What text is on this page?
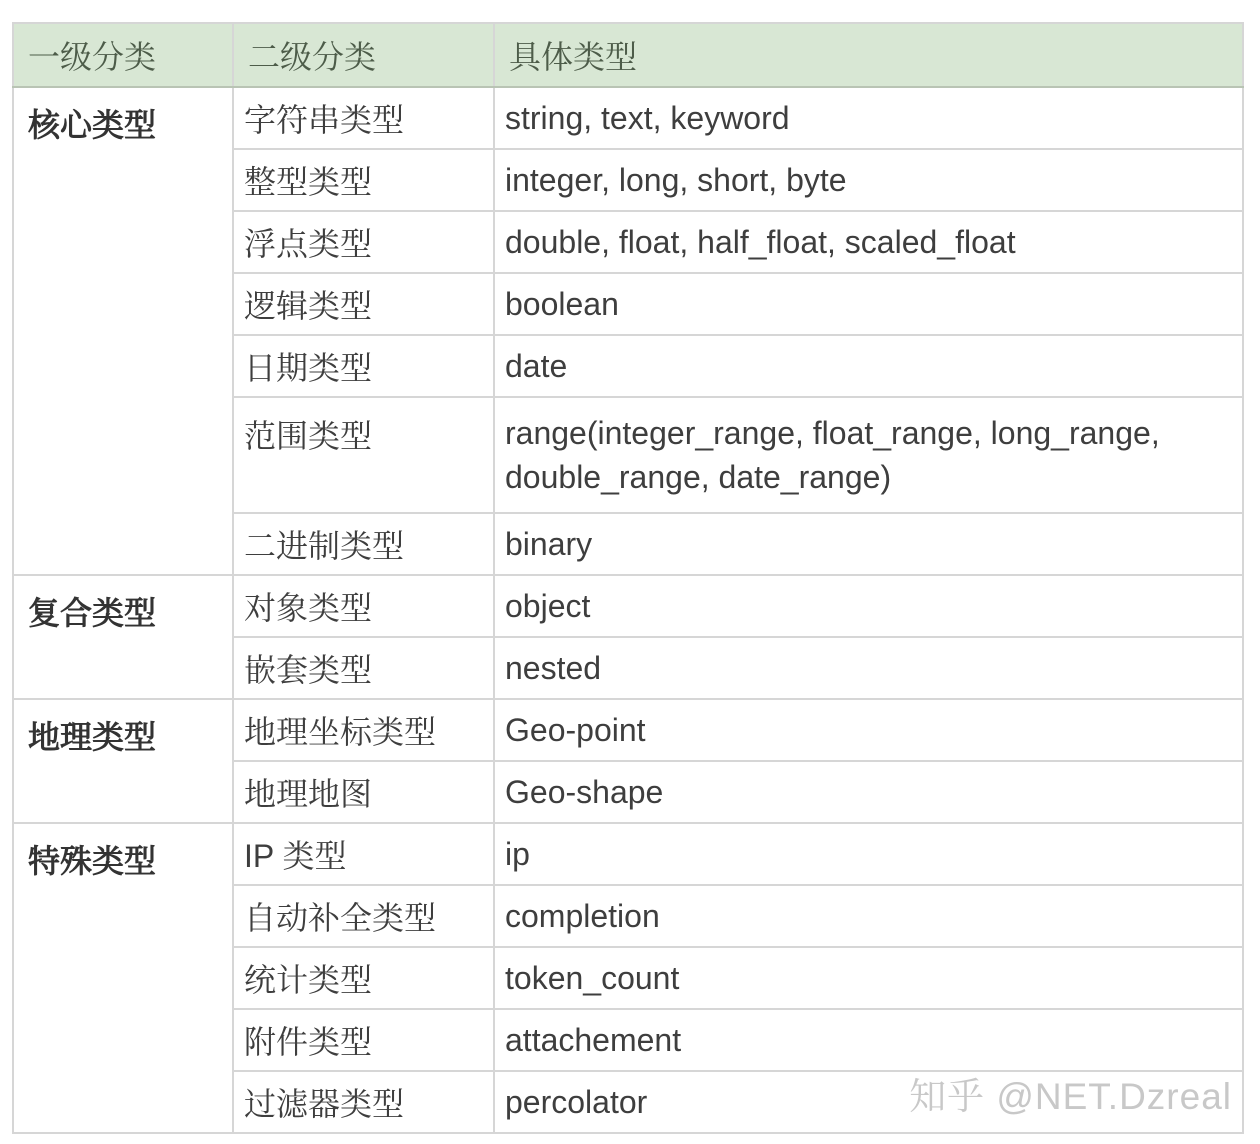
一级分类	二级分类	具体类型
核心类型	字符串类型	string, text, keyword
	整型类型	integer, long, short, byte
	浮点类型	double, float, half_float, scaled_float
	逻辑类型	boolean
	日期类型	date
	范围类型	range(integer_range, float_range, long_range, double_range, date_range)
	二进制类型	binary
复合类型	对象类型	object
	嵌套类型	nested
地理类型	地理坐标类型	Geo-point
	地理地图	Geo-shape
特殊类型	IP 类型	ip
	自动补全类型	completion
	统计类型	token_count
	附件类型	attachement
	过滤器类型	percolator	知乎 @NET.Dzreal
